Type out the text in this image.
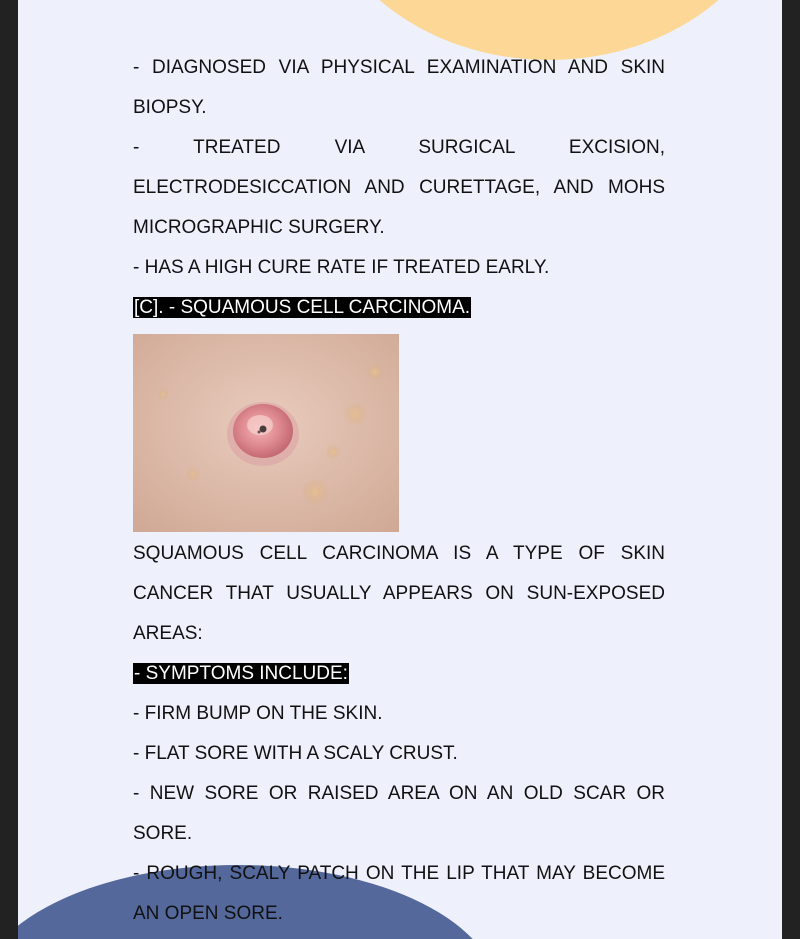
- DIAGNOSED VIA PHYSICAL EXAMINATION AND SKIN BIOPSY.

- TREATED VIA SURGICAL EXCISION, ELECTRODESICCATION AND CURETTAGE, AND MOHS MICROGRAPHIC SURGERY.

- HAS A HIGH CURE RATE IF TREATED EARLY.

[C]. - SQUAMOUS CELL CARCINOMA.

SQUAMOUS CELL CARCINOMA IS A TYPE OF SKIN CANCER THAT USUALLY APPEARS ON SUN-EXPOSED AREAS:

- SYMPTOMS INCLUDE:

- FIRM BUMP ON THE SKIN.

- FLAT SORE WITH A SCALY CRUST.

- NEW SORE OR RAISED AREA ON AN OLD SCAR OR SORE.

- ROUGH, SCALY PATCH ON THE LIP THAT MAY BECOME AN OPEN SORE.
